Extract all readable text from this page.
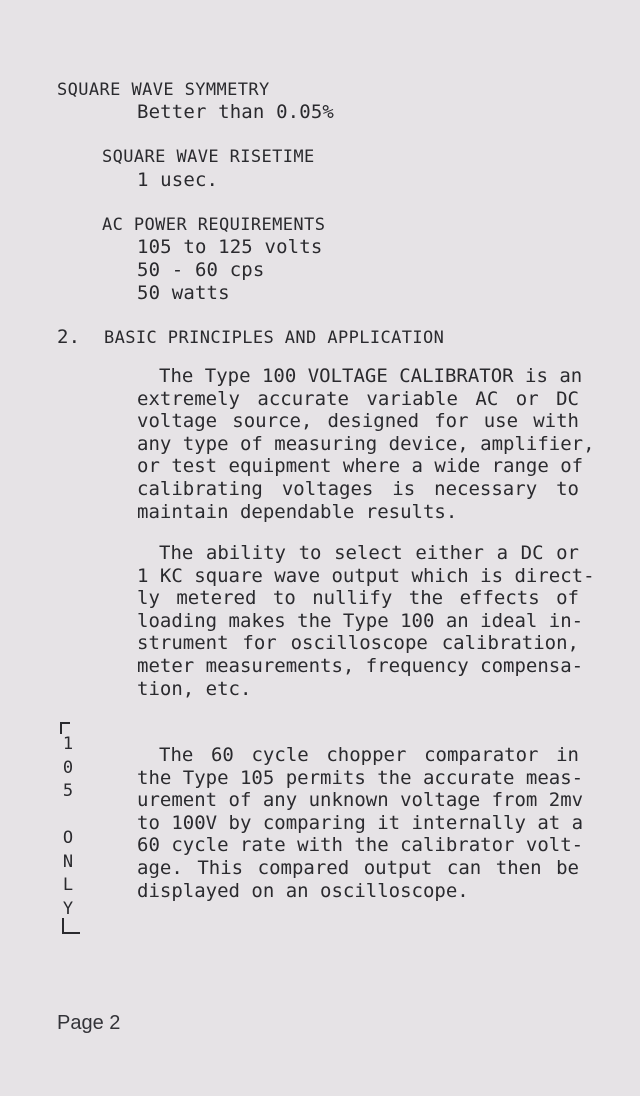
SQUARE WAVE SYMMETRY
Better than 0.05%
SQUARE WAVE RISETIME
1 usec.
AC POWER REQUIREMENTS
105 to 125 volts
50 - 60 cps
50 watts
2. BASIC PRINCIPLES AND APPLICATION
The Type 100 VOLTAGE CALIBRATOR is an
extremely accurate variable AC or DC
voltage source, designed for use with
any type of measuring device, amplifier,
or test equipment where a wide range of
calibrating voltages is necessary to
maintain dependable results.
The ability to select either a DC or
1 KC square wave output which is direct-
ly metered to nullify the effects of
loading makes the Type 100 an ideal in-
strument for oscilloscope calibration,
meter measurements, frequency compensa-
tion, etc.
The 60 cycle chopper comparator in
the Type 105 permits the accurate meas-
urement of any unknown voltage from 2mv
to 100V by comparing it internally at a
60 cycle rate with the calibrator volt-
age. This compared output can then be
displayed on an oscilloscope.
1
0
5

O
N
L
Y
Page 2
